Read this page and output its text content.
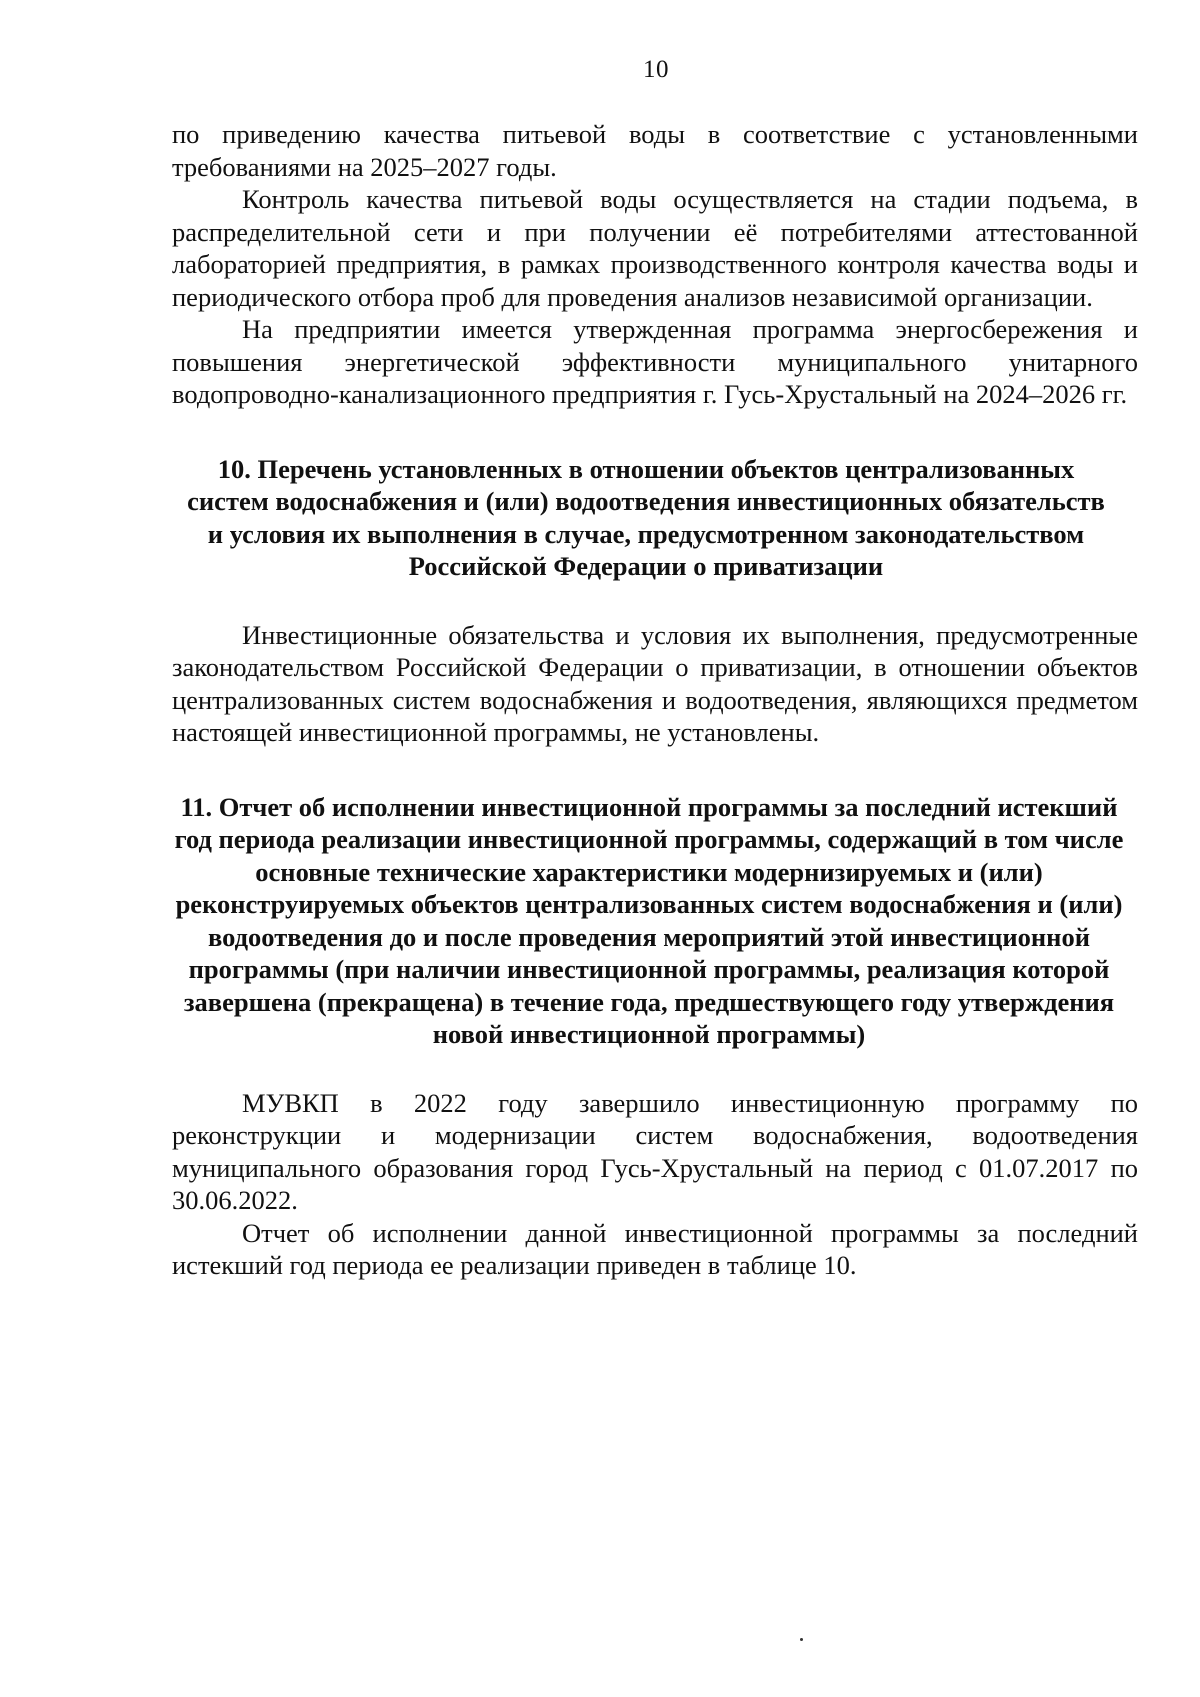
10

по приведению качества питьевой воды в соответствие с установленными требованиями на 2025–2027 годы.

Контроль качества питьевой воды осуществляется на стадии подъема, в распределительной сети и при получении её потребителями аттестованной лабораторией предприятия, в рамках производственного контроля качества воды и периодического отбора проб для проведения анализов независимой организации.

На предприятии имеется утвержденная программа энергосбережения и повышения энергетической эффективности муниципального унитарного водопроводно-канализационного предприятия г. Гусь-Хрустальный на 2024–2026 гг.

10. Перечень установленных в отношении объектов централизованных систем водоснабжения и (или) водоотведения инвестиционных обязательств и условия их выполнения в случае, предусмотренном законодательством Российской Федерации о приватизации

Инвестиционные обязательства и условия их выполнения, предусмотренные законодательством Российской Федерации о приватизации, в отношении объектов централизованных систем водоснабжения и водоотведения, являющихся предметом настоящей инвестиционной программы, не установлены.

11. Отчет об исполнении инвестиционной программы за последний истекший год периода реализации инвестиционной программы, содержащий в том числе основные технические характеристики модернизируемых и (или) реконструируемых объектов централизованных систем водоснабжения и (или) водоотведения до и после проведения мероприятий этой инвестиционной программы (при наличии инвестиционной программы, реализация которой завершена (прекращена) в течение года, предшествующего году утверждения новой инвестиционной программы)

МУВКП в 2022 году завершило инвестиционную программу по реконструкции и модернизации систем водоснабжения, водоотведения муниципального образования город Гусь-Хрустальный на период с 01.07.2017 по 30.06.2022.

Отчет об исполнении данной инвестиционной программы за последний истекший год периода ее реализации приведен в таблице 10.
